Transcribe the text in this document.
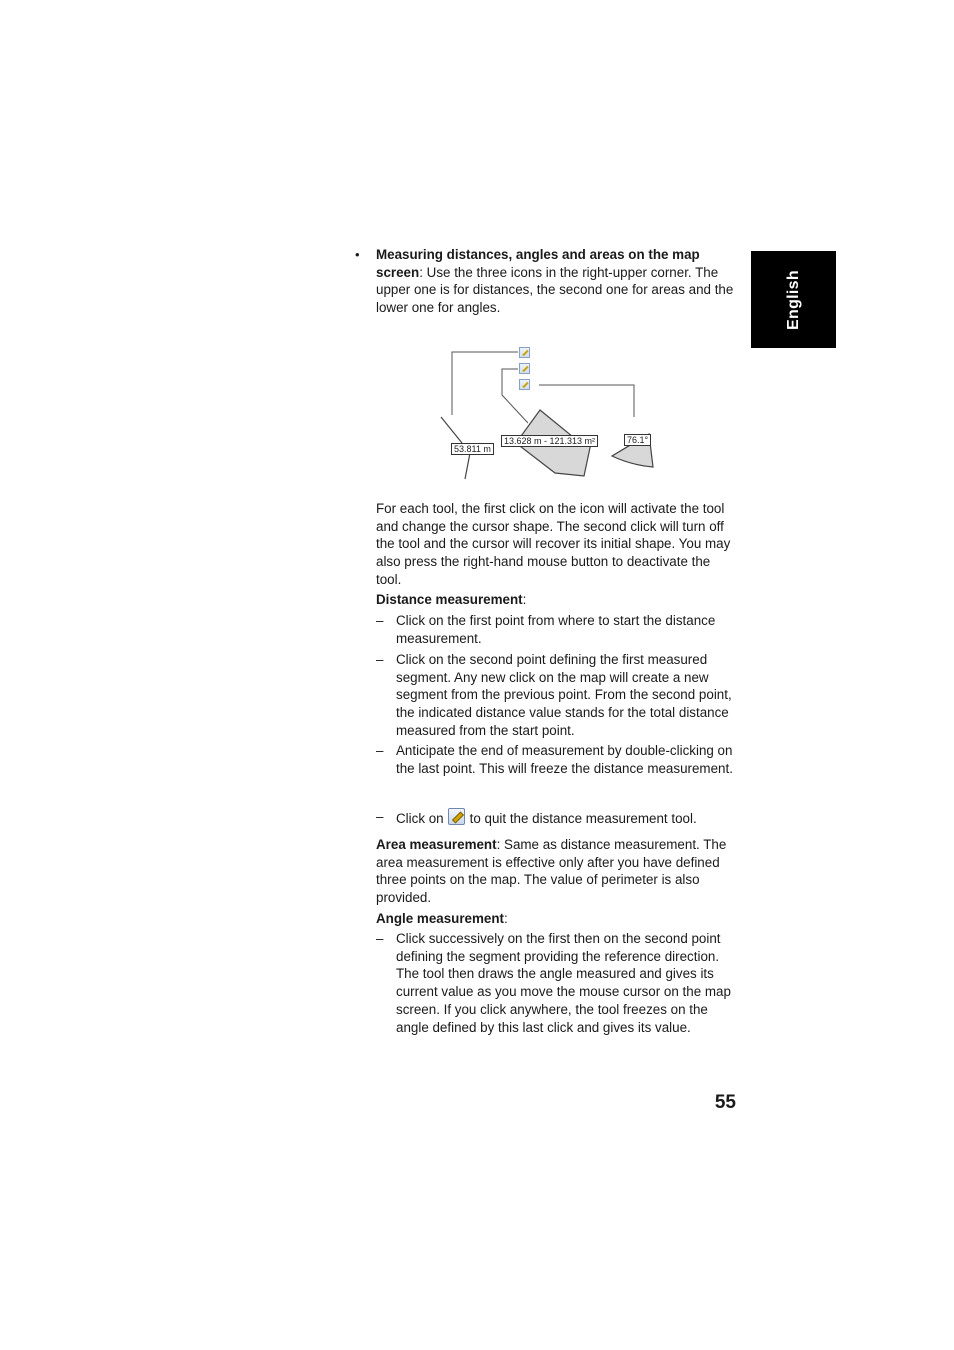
English
• Measuring distances, angles and areas on the map screen: Use the three icons in the right-upper corner. The upper one is for distances, the second one for areas and the lower one for angles.

53.811 m
13.628 m - 121.313 m²	76.1°

For each tool, the first click on the icon will activate the tool and change the cursor shape. The second click will turn off the tool and the cursor will recover its initial shape. You may also press the right-hand mouse button to deactivate the tool.

Distance measurement:

– Click on the first point from where to start the distance measurement.
– Click on the second point defining the first measured segment. Any new click on the map will create a new segment from the previous point. From the second point, the indicated distance value stands for the total distance measured from the start point.
– Anticipate the end of measurement by double-clicking on the last point. This will freeze the distance measurement.
– Click on to quit the distance measurement tool.

Area measurement: Same as distance measurement. The area measurement is effective only after you have defined three points on the map. The value of perimeter is also provided.

Angle measurement:

– Click successively on the first then on the second point defining the segment providing the reference direction. The tool then draws the angle measured and gives its current value as you move the mouse cursor on the map screen. If you click anywhere, the tool freezes on the angle defined by this last click and gives its value.
55
